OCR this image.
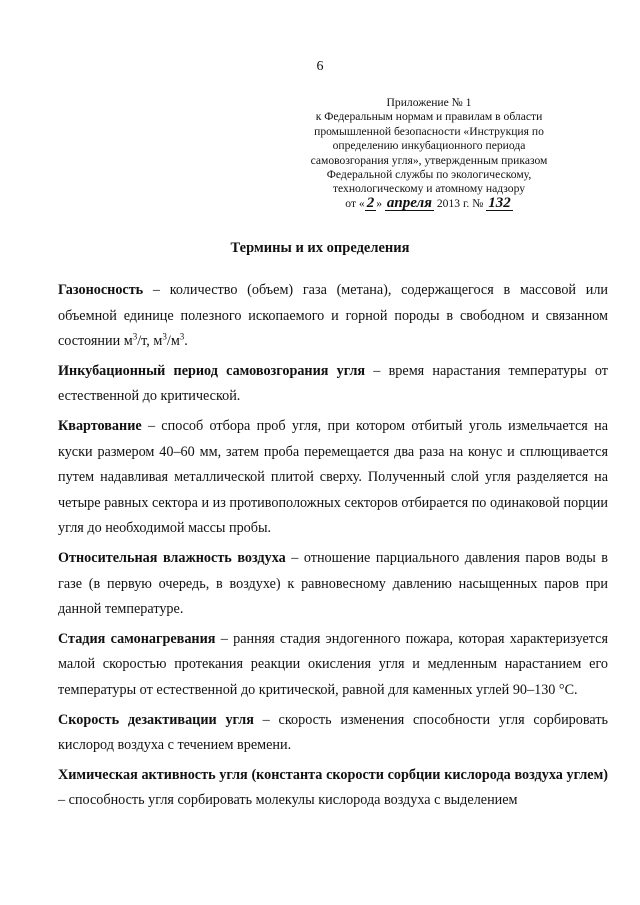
6
Приложение № 1
к Федеральным нормам и правилам в области
промышленной безопасности «Инструкция по
определению инкубационного периода
самовозгорания угля», утвержденным приказом
Федеральной службы по экологическому,
технологическому и атомному надзору
от « 2 » апреля 2013 г. № 132
Термины и их определения

Газоносность – количество (объем) газа (метана), содержащегося в массовой или объемной единице полезного ископаемого и горной породы в свободном и связанном состоянии $м^3/т$, $м^3/м^3$.

Инкубационный период самовозгорания угля – время нарастания температуры от естественной до критической.

Квартование – способ отбора проб угля, при котором отбитый уголь измельчается на куски размером 40–60 мм, затем проба перемещается два раза на конус и сплющивается путем надавливая металлической плитой сверху. Полученный слой угля разделяется на четыре равных сектора и из противоположных секторов отбирается по одинаковой порции угля до необходимой массы пробы.

Относительная влажность воздуха – отношение парциального давления паров воды в газе (в первую очередь, в воздухе) к равновесному давлению насыщенных паров при данной температуре.

Стадия самонагревания – ранняя стадия эндогенного пожара, которая характеризуется малой скоростью протекания реакции окисления угля и медленным нарастанием его температуры от естественной до критической, равной для каменных углей 90–130 °С.

Скорость дезактивации угля – скорость изменения способности угля сорбировать кислород воздуха с течением времени.

Химическая активность угля (константа скорости сорбции кислорода воздуха углем) – способность угля сорбировать молекулы кислорода воздуха с выделением
